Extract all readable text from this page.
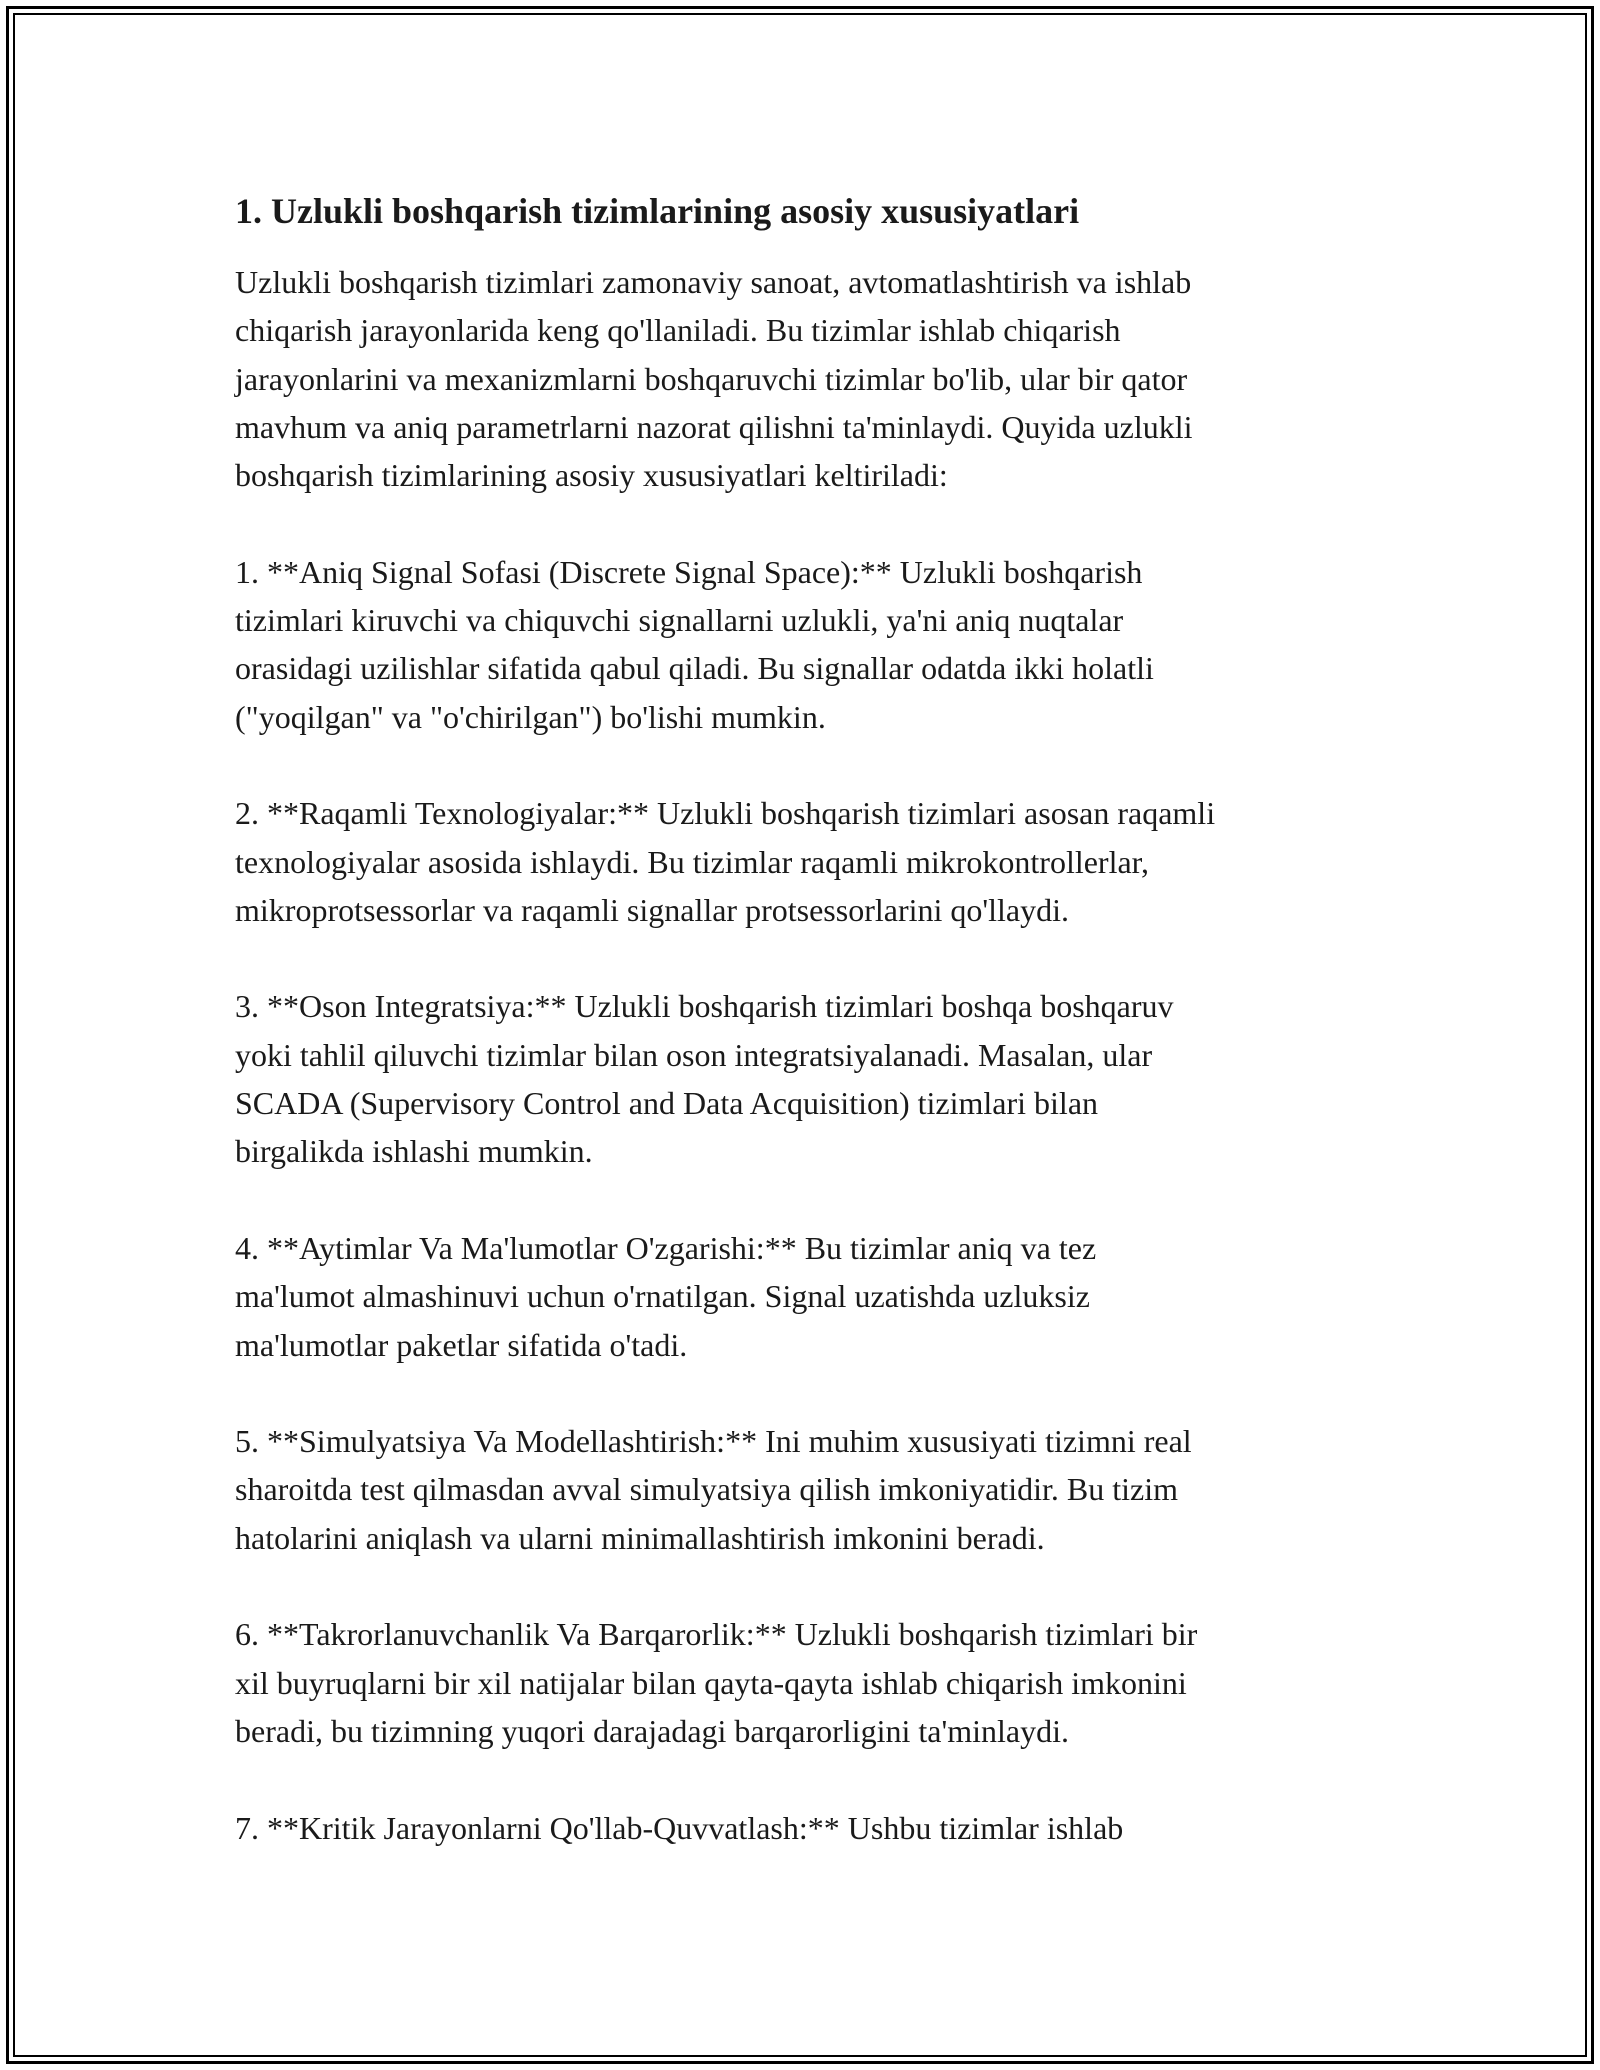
1. Uzlukli boshqarish tizimlarining asosiy xususiyatlari
Uzlukli boshqarish tizimlari zamonaviy sanoat, avtomatlashtirish va ishlab
chiqarish jarayonlarida keng qo'llaniladi. Bu tizimlar ishlab chiqarish
jarayonlarini va mexanizmlarni boshqaruvchi tizimlar bo'lib, ular bir qator
mavhum va aniq parametrlarni nazorat qilishni ta'minlaydi. Quyida uzlukli
boshqarish tizimlarining asosiy xususiyatlari keltiriladi:
1. **Aniq Signal Sofasi (Discrete Signal Space):** Uzlukli boshqarish
tizimlari kiruvchi va chiquvchi signallarni uzlukli, ya'ni aniq nuqtalar
orasidagi uzilishlar sifatida qabul qiladi. Bu signallar odatda ikki holatli
("yoqilgan" va "o'chirilgan") bo'lishi mumkin.
2. **Raqamli Texnologiyalar:** Uzlukli boshqarish tizimlari asosan raqamli
texnologiyalar asosida ishlaydi. Bu tizimlar raqamli mikrokontrollerlar,
mikroprotsessorlar va raqamli signallar protsessorlarini qo'llaydi.
3. **Oson Integratsiya:** Uzlukli boshqarish tizimlari boshqa boshqaruv
yoki tahlil qiluvchi tizimlar bilan oson integratsiyalanadi. Masalan, ular
SCADA (Supervisory Control and Data Acquisition) tizimlari bilan
birgalikda ishlashi mumkin.
4. **Aytimlar Va Ma'lumotlar O'zgarishi:** Bu tizimlar aniq va tez
ma'lumot almashinuvi uchun o'rnatilgan. Signal uzatishda uzluksiz
ma'lumotlar paketlar sifatida o'tadi.
5. **Simulyatsiya Va Modellashtirish:** Ini muhim xususiyati tizimni real
sharoitda test qilmasdan avval simulyatsiya qilish imkoniyatidir. Bu tizim
hatolarini aniqlash va ularni minimallashtirish imkonini beradi.
6. **Takrorlanuvchanlik Va Barqarorlik:** Uzlukli boshqarish tizimlari bir
xil buyruqlarni bir xil natijalar bilan qayta-qayta ishlab chiqarish imkonini
beradi, bu tizimning yuqori darajadagi barqarorligini ta'minlaydi.
7. **Kritik Jarayonlarni Qo'llab-Quvvatlash:** Ushbu tizimlar ishlab
